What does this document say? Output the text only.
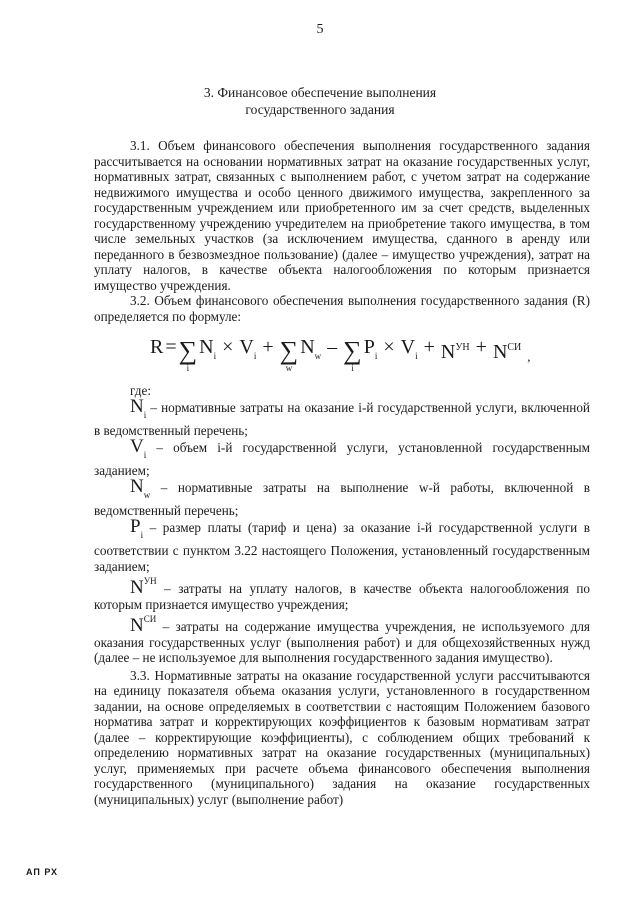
5
3. Финансовое обеспечение выполнения
государственного задания

3.1. Объем финансового обеспечения выполнения государственного задания рассчитывается на основании нормативных затрат на оказание государственных услуг, нормативных затрат, связанных с выполнением работ, с учетом затрат на содержание недвижимого имущества и особо ценного движимого имущества, закрепленного за государственным учреждением или приобретенного им за счет средств, выделенных государственному учреждению учредителем на приобретение такого имущества, в том числе земельных участков (за исключением имущества, сданного в аренду или переданного в безвозмездное пользование) (далее – имущество учреждения), затрат на уплату налогов, в качестве объекта налогообложения по которым признается имущество учреждения.

3.2. Объем финансового обеспечения выполнения государственного задания (R) определяется по формуле:

R = ∑
i
$N_i \times V_i$ + ∑
w
$N_w$ – ∑
i
$P_i \times V_i + N^{УН} + N^{СИ}$
,

где:

$N_i$ – нормативные затраты на оказание i-й государственной услуги, включенной в ведомственный перечень;

$V_i$ – объем i-й государственной услуги, установленной государственным заданием;

$N_w$ – нормативные затраты на выполнение w-й работы, включенной в ведомственный перечень;

$P_i$ – размер платы (тариф и цена) за оказание i-й государственной услуги в соответствии с пунктом 3.22 настоящего Положения, установленный государственным заданием;

$N^{УН}$ – затраты на уплату налогов, в качестве объекта налогообложения по которым признается имущество учреждения;

$N^{СИ}$ – затраты на содержание имущества учреждения, не используемого для оказания государственных услуг (выполнения работ) и для общехозяйственных нужд (далее – не используемое для выполнения государственного задания имущество).

3.3. Нормативные затраты на оказание государственной услуги рассчитываются на единицу показателя объема оказания услуги, установленного в государственном задании, на основе определяемых в соответствии с настоящим Положением базового норматива затрат и корректирующих коэффициентов к базовым нормативам затрат (далее – корректирующие коэффициенты), с соблюдением общих требований к определению нормативных затрат на оказание государственных (муниципальных) услуг, применяемых при расчете объема финансового обеспечения выполнения государственного (муниципального) задания на оказание государственных (муниципальных) услуг (выполнение работ)

АП РХ
